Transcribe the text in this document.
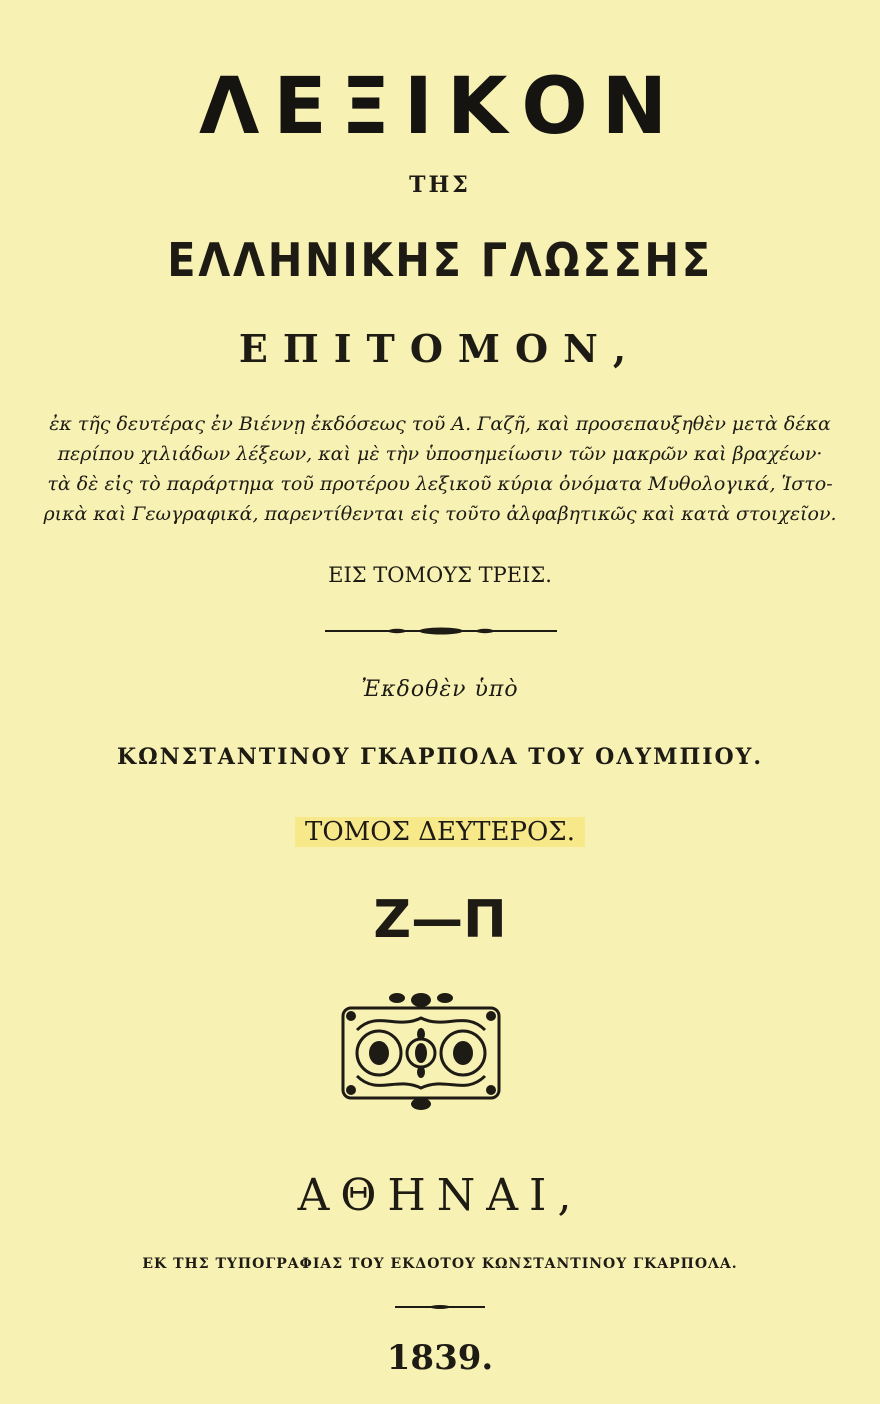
ΛΕΞΙΚΟΝ
ΤΗΣ
ΕΛΛΗΝΙΚΗΣ ΓΛΩΣΣΗΣ
ΕΠΙΤΟΜΟΝ,
ἐκ τῆς δευτέρας ἐν Βιέννῃ ἐκδόσεως τοῦ Α. Γαζῆ, καὶ προσεπαυξηθὲν μετὰ δέκα
περίπου χιλιάδων λέξεων, καὶ μὲ τὴν ὑποσημείωσιν τῶν μακρῶν καὶ βραχέων·
τὰ δὲ εἰς τὸ παράρτημα τοῦ προτέρου λεξικοῦ κύρια ὀνόματα Μυθολογικά, Ἱστο-
ρικὰ καὶ Γεωγραφικά, παρεντίθενται εἰς τοῦτο ἀλφαβητικῶς καὶ κατὰ στοιχεῖον.
ΕΙΣ ΤΟΜΟΥΣ ΤΡΕΙΣ.
Ἐκδοθὲν ὑπὸ
ΚΩΝΣΤΑΝΤΙΝΟΥ ΓΚΑΡΠΟΛΑ ΤΟΥ ΟΛΥΜΠΙΟΥ.
ΤΟΜΟΣ ΔΕΥΤΕΡΟΣ.
Ζ—Π
ΑΘΗΝΑΙ,
ΕΚ ΤΗΣ ΤΥΠΟΓΡΑΦΙΑΣ ΤΟΥ ΕΚΔΟΤΟΥ ΚΩΝΣΤΑΝΤΙΝΟΥ ΓΚΑΡΠΟΛΑ.
1839.
